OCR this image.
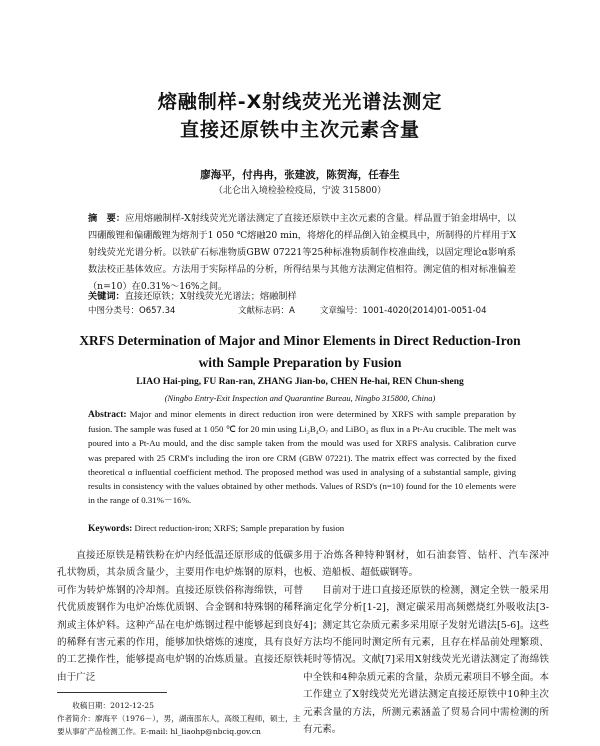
熔融制样-X射线荧光光谱法测定
直接还原铁中主次元素含量
廖海平，付冉冉，张建波，陈贺海，任春生
（北仑出入境检验检疫局，宁波 315800）
摘　要：应用熔融制样-X射线荧光光谱法测定了直接还原铁中主次元素的含量。样品置于铂金坩埚中，以四硼酸锂和偏硼酸锂为熔剂于1 050 ℃熔融20 min，将熔化的样品倒入铂金模具中，所制得的片样用于X射线荧光光谱分析。以铁矿石标准物质GBW 07221等25种标准物质制作校准曲线，以固定理论α影响系数法校正基体效应。方法用于实际样品的分析，所得结果与其他方法测定值相符。测定值的相对标准偏差（n=10）在0.31%～16%之间。
关键词：直接还原铁；X射线荧光光谱法；熔融制样
中图分类号：O657.34	文献标志码：A	文章编号：1001-4020(2014)01-0051-04
XRFS Determination of Major and Minor Elements in Direct Reduction-Iron
with Sample Preparation by Fusion
LIAO Hai-ping, FU Ran-ran, ZHANG Jian-bo, CHEN He-hai, REN Chun-sheng
(Ningbo Entry-Exit Inspection and Quarantine Bureau, Ningbo 315800, China)
Abstract: Major and minor elements in direct reduction iron were determined by XRFS with sample preparation by fusion. The sample was fused at 1 050 ℃ for 20 min using Li₂B₄O₇ and LiBO₂ as flux in a Pt-Au crucible. The melt was poured into a Pt-Au mould, and the disc sample taken from the mould was used for XRFS analysis. Calibration curve was prepared with 25 CRM's including the iron ore CRM (GBW 07221). The matrix effect was corrected by the fixed theoretical α influential coefficient method. The proposed method was used in analysing of a substantial sample, giving results in consistency with the values obtained by other methods. Values of RSD's (n=10) found for the 10 elements were in the range of 0.31%－16%.
Keywords: Direct reduction-iron; XRFS; Sample preparation by fusion

直接还原铁是精铁粉在炉内经低温还原形成的低碳多孔状物质，其杂质含量少，主要用作电炉炼钢的原料，也可作为转炉炼钢的冷却剂。直接还原铁俗称海绵铁，可替代优质废钢作为电炉冶炼优质钢、合金钢和特殊钢的稀释剂或主体炉料。这种产品在电炉炼钢过程中能够起到良好的稀释有害元素的作用，能够加快熔炼的速度，具有良好的工艺操作性，能够提高电炉钢的冶炼质量。直接还原铁由于广泛

用于冶炼各种特种钢材，如石油套管、钻杆、汽车深冲板、造船板、超低碳钢等。

目前对于进口直接还原铁的检测，测定全铁一般采用滴定化学分析[1-2]，测定碳采用高频燃烧红外吸收法[3-4]；测定其它杂质元素多采用原子发射光谱法[5-6]。这些方法均不能同时测定所有元素，且存在样品前处理繁琐、耗时等情况。文献[7]采用X射线荧光光谱法测定了海绵铁中全铁和4种杂质元素的含量，杂质元素项目不够全面。本工作建立了X射线荧光光谱法测定直接还原铁中10种主次元素含量的方法，所测元素涵盖了贸易合同中需检测的所有元素。

收稿日期：2012-12-25
作者简介：廖海平（1976－），男，湖南邵东人，高级工程师，硕士，主要从事矿产品检测工作。E-mail: hl_liaohp@nbciq.gov.cn
